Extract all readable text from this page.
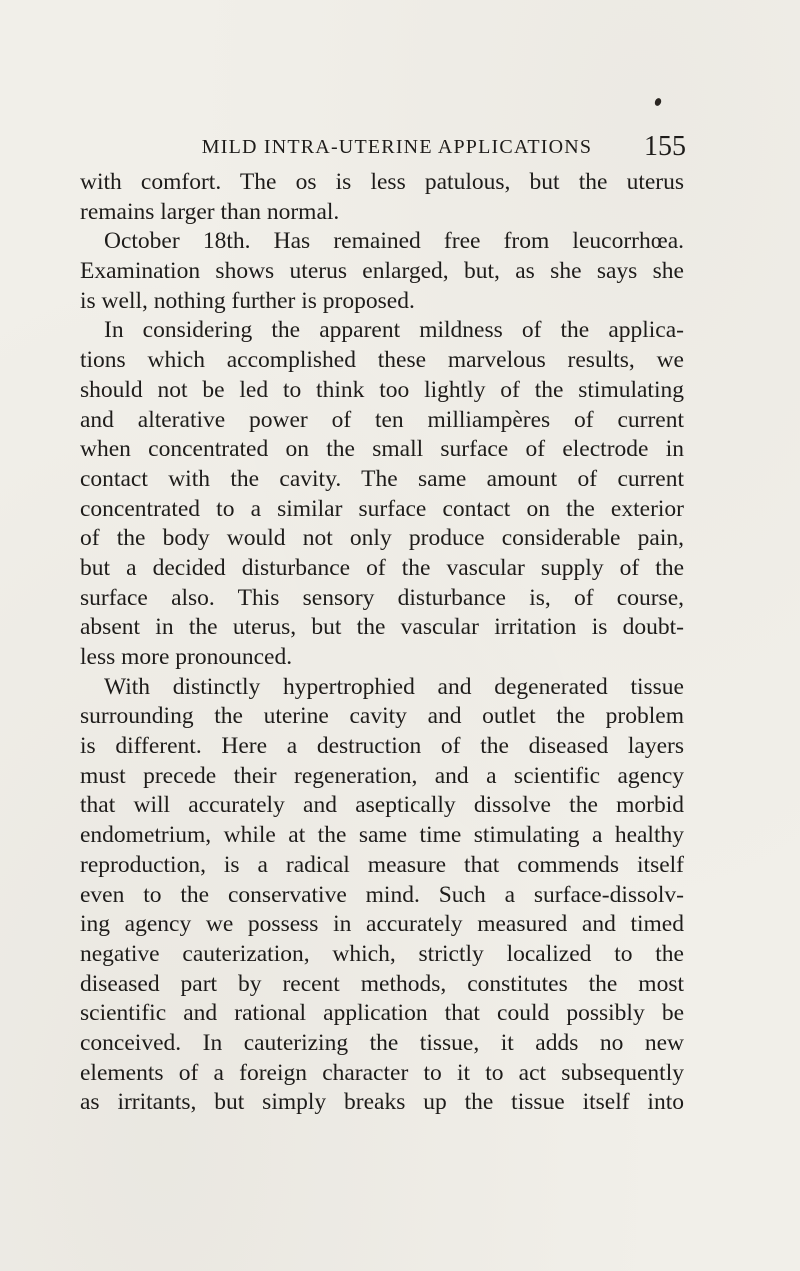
MILD INTRA-UTERINE APPLICATIONS	155
with comfort. The os is less patulous, but the uterus
remains larger than normal.
October 18th. Has remained free from leucorrhœa.
Examination shows uterus enlarged, but, as she says she
is well, nothing further is proposed.
In considering the apparent mildness of the applica-
tions which accomplished these marvelous results, we
should not be led to think too lightly of the stimulating
and alterative power of ten milliampères of current
when concentrated on the small surface of electrode in
contact with the cavity. The same amount of current
concentrated to a similar surface contact on the exterior
of the body would not only produce considerable pain,
but a decided disturbance of the vascular supply of the
surface also. This sensory disturbance is, of course,
absent in the uterus, but the vascular irritation is doubt-
less more pronounced.
With distinctly hypertrophied and degenerated tissue
surrounding the uterine cavity and outlet the problem
is different. Here a destruction of the diseased layers
must precede their regeneration, and a scientific agency
that will accurately and aseptically dissolve the morbid
endometrium, while at the same time stimulating a healthy
reproduction, is a radical measure that commends itself
even to the conservative mind. Such a surface-dissolv-
ing agency we possess in accurately measured and timed
negative cauterization, which, strictly localized to the
diseased part by recent methods, constitutes the most
scientific and rational application that could possibly be
conceived. In cauterizing the tissue, it adds no new
elements of a foreign character to it to act subsequently
as irritants, but simply breaks up the tissue itself into
